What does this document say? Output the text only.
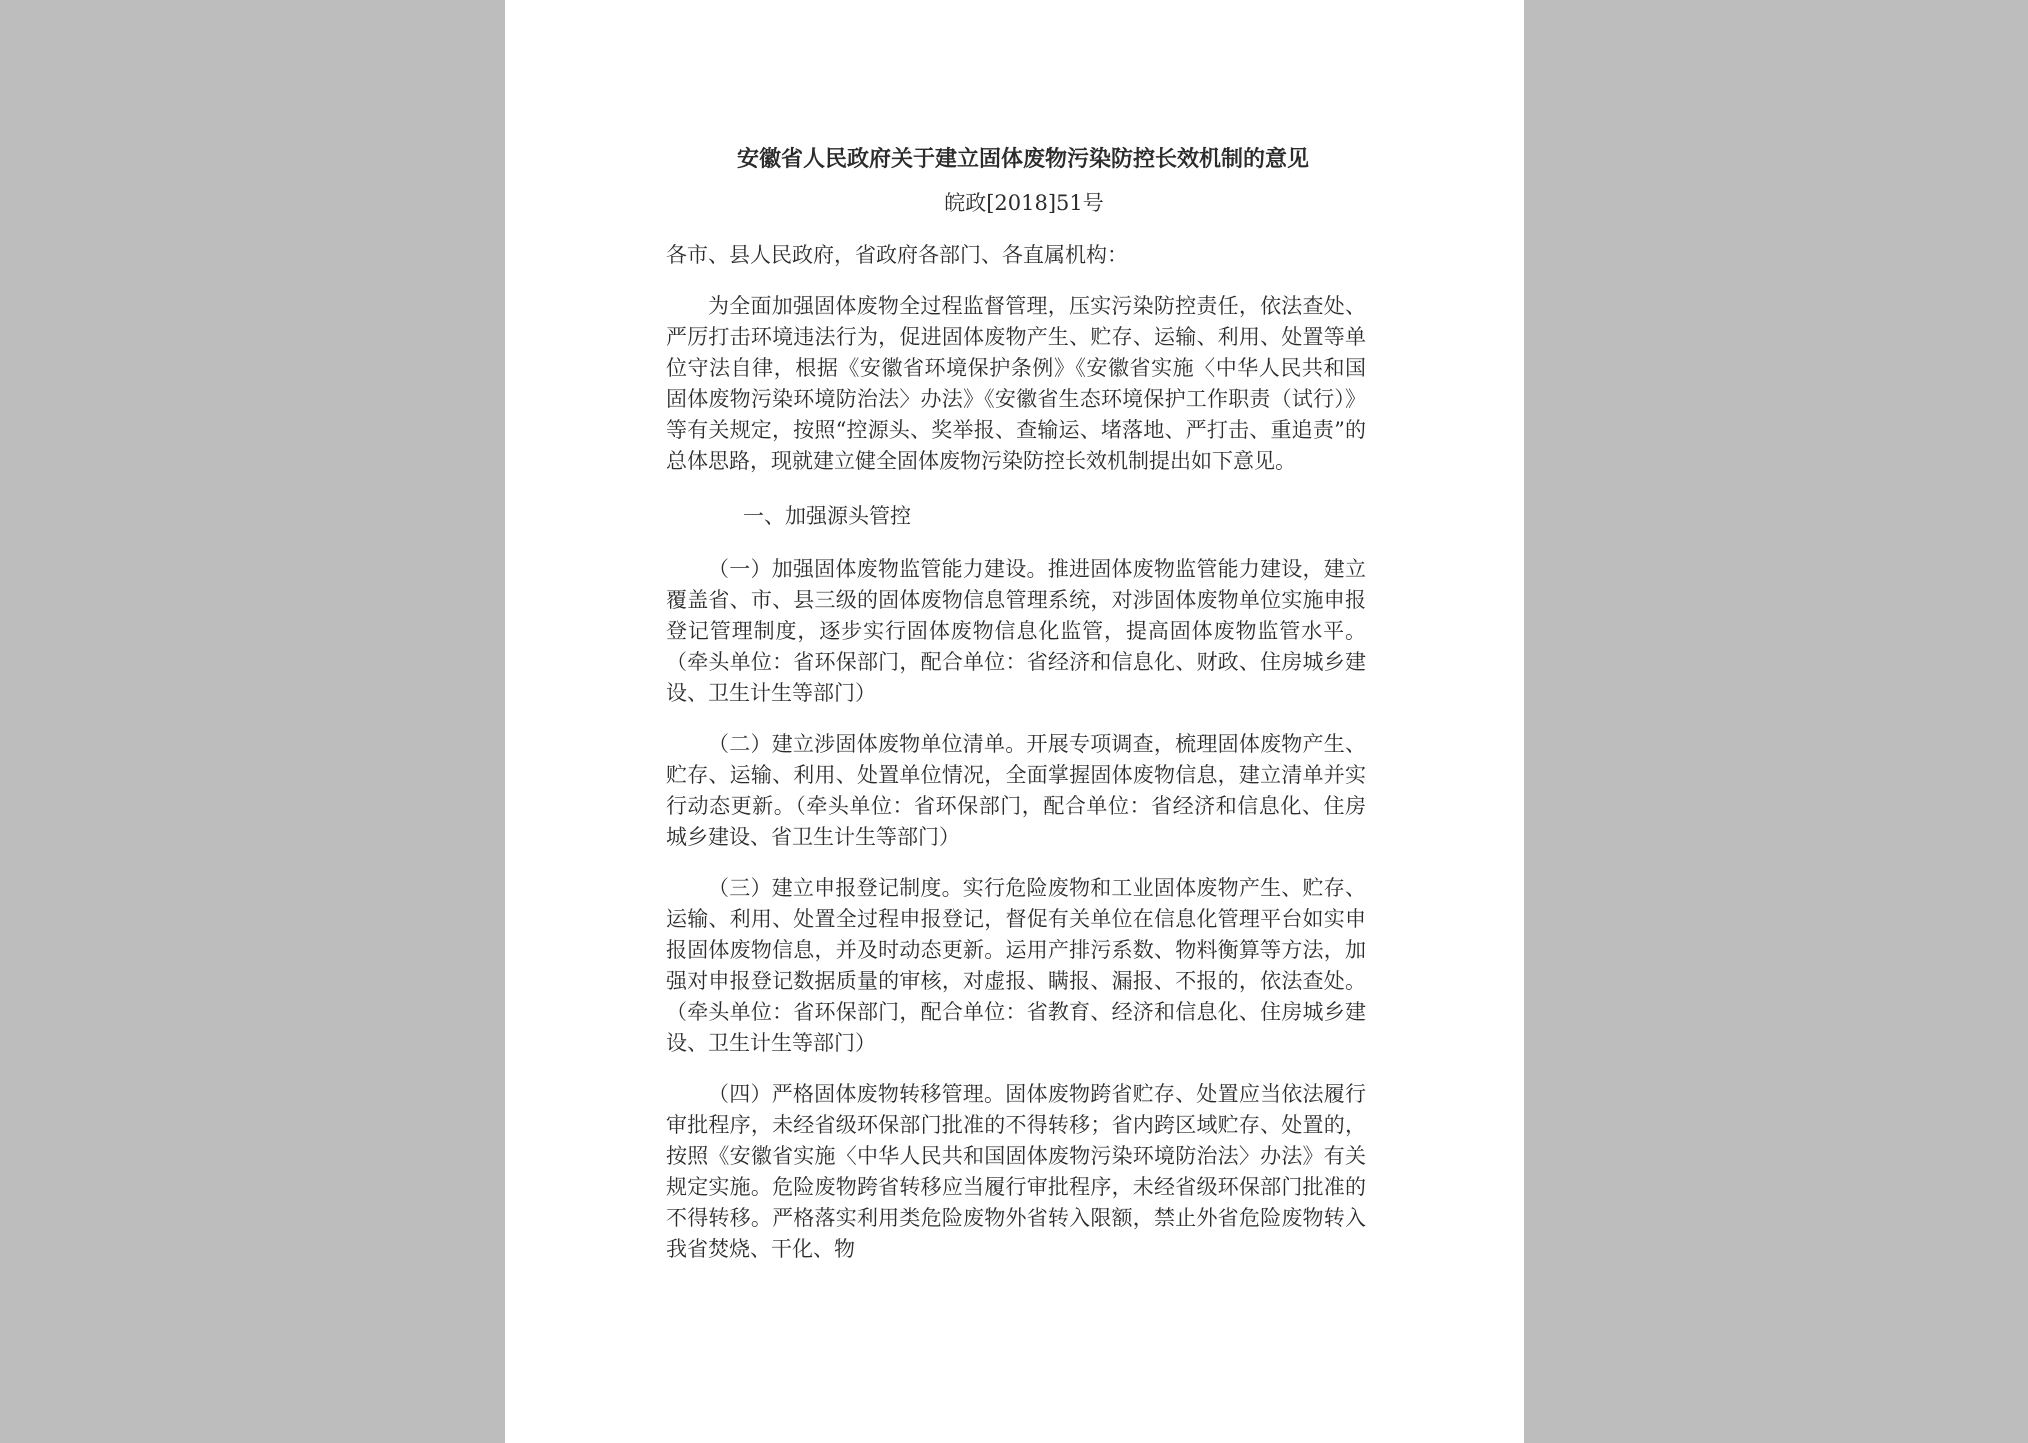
安徽省人民政府关于建立固体废物污染防控长效机制的意见
皖政[2018]51号
各市、县人民政府，省政府各部门、各直属机构：

为全面加强固体废物全过程监督管理，压实污染防控责任，依法查处、严厉打击环境违法行为，促进固体废物产生、贮存、运输、利用、处置等单位守法自律，根据《安徽省环境保护条例》《安徽省实施〈中华人民共和国固体废物污染环境防治法〉办法》《安徽省生态环境保护工作职责（试行）》等有关规定，按照“控源头、奖举报、查输运、堵落地、严打击、重追责”的总体思路，现就建立健全固体废物污染防控长效机制提出如下意见。

一、加强源头管控

（一）加强固体废物监管能力建设。推进固体废物监管能力建设，建立覆盖省、市、县三级的固体废物信息管理系统，对涉固体废物单位实施申报登记管理制度，逐步实行固体废物信息化监管，提高固体废物监管水平。（牵头单位：省环保部门，配合单位：省经济和信息化、财政、住房城乡建设、卫生计生等部门）

（二）建立涉固体废物单位清单。开展专项调查，梳理固体废物产生、贮存、运输、利用、处置单位情况，全面掌握固体废物信息，建立清单并实行动态更新。（牵头单位：省环保部门，配合单位：省经济和信息化、住房城乡建设、省卫生计生等部门）

（三）建立申报登记制度。实行危险废物和工业固体废物产生、贮存、运输、利用、处置全过程申报登记，督促有关单位在信息化管理平台如实申报固体废物信息，并及时动态更新。运用产排污系数、物料衡算等方法，加强对申报登记数据质量的审核，对虚报、瞒报、漏报、不报的，依法查处。（牵头单位：省环保部门，配合单位：省教育、经济和信息化、住房城乡建设、卫生计生等部门）

（四）严格固体废物转移管理。固体废物跨省贮存、处置应当依法履行审批程序，未经省级环保部门批准的不得转移；省内跨区域贮存、处置的，按照《安徽省实施〈中华人民共和国固体废物污染环境防治法〉办法》有关规定实施。危险废物跨省转移应当履行审批程序，未经省级环保部门批准的不得转移。严格落实利用类危险废物外省转入限额，禁止外省危险废物转入我省焚烧、干化、物
